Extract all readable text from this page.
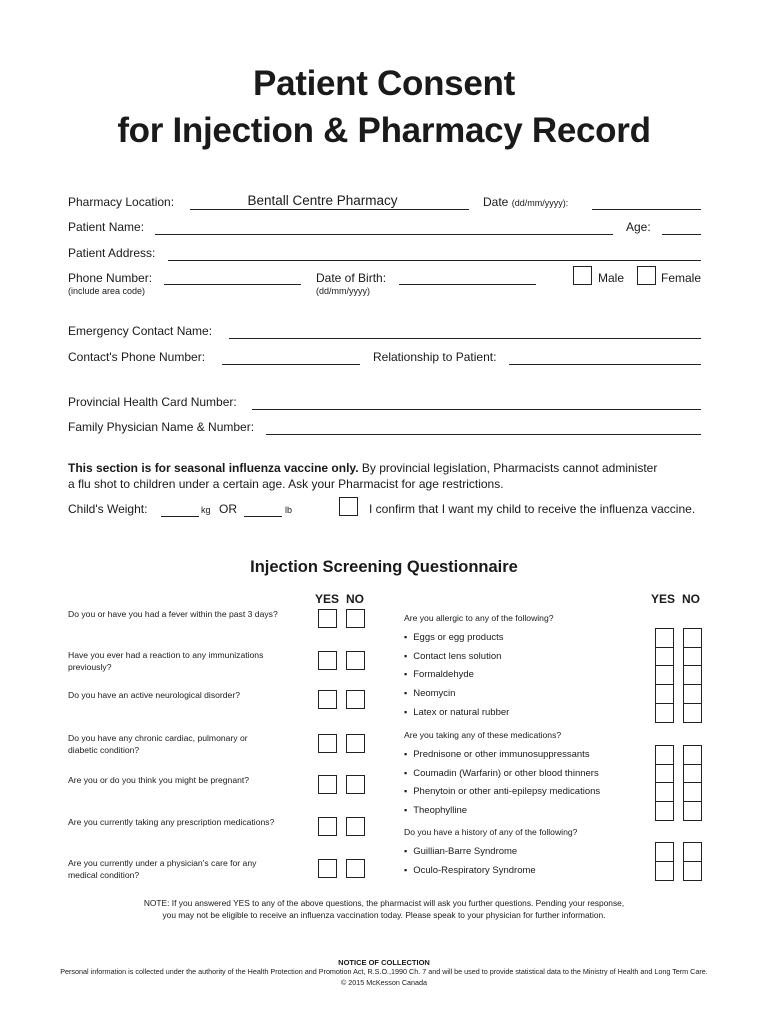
Patient Consent
for Injection & Pharmacy Record
Pharmacy Location:	Bentall Centre Pharmacy	Date (dd/mm/yyyy):
Patient Name:	Age:
Patient Address:
Phone Number:
(include area code)
Date of Birth:
(dd/mm/yyyy)
Male	Female
Emergency Contact Name:
Contact's Phone Number:	Relationship to Patient:
Provincial Health Card Number:
Family Physician Name & Number:
This section is for seasonal influenza vaccine only. By provincial legislation, Pharmacists cannot administer
a flu shot to children under a certain age. Ask your Pharmacist for age restrictions.
Child's Weight:	kg OR	lb	I confirm that I want my child to receive the influenza vaccine.
Injection Screening Questionnaire
YES NO	YES NO
Do you or have you had a fever within the past 3 days?
Have you ever had a reaction to any immunizations
previously?
Do you have an active neurological disorder?
Do you have any chronic cardiac, pulmonary or
diabetic condition?
Are you or do you think you might be pregnant?
Are you currently taking any prescription medications?
Are you currently under a physician's care for any
medical condition?
Are you allergic to any of the following?
▪ Eggs or egg products
▪ Contact lens solution
▪ Formaldehyde
▪ Neomycin
▪ Latex or natural rubber
Are you taking any of these medications?
▪ Prednisone or other immunosuppressants
▪ Coumadin (Warfarin) or other blood thinners
▪ Phenytoin or other anti-epilepsy medications
▪ Theophylline
Do you have a history of any of the following?
▪ Guillian-Barre Syndrome
▪ Oculo-Respiratory Syndrome
NOTE: If you answered YES to any of the above questions, the pharmacist will ask you further questions. Pending your response,
you may not be eligible to receive an influenza vaccination today. Please speak to your physician for further information.
NOTICE OF COLLECTION
Personal information is collected under the authority of the Health Protection and Promotion Act, R.S.O.,1990 Ch. 7 and will be used to provide statistical data to the Ministry of Health and Long Term Care.
© 2015 McKesson Canada
